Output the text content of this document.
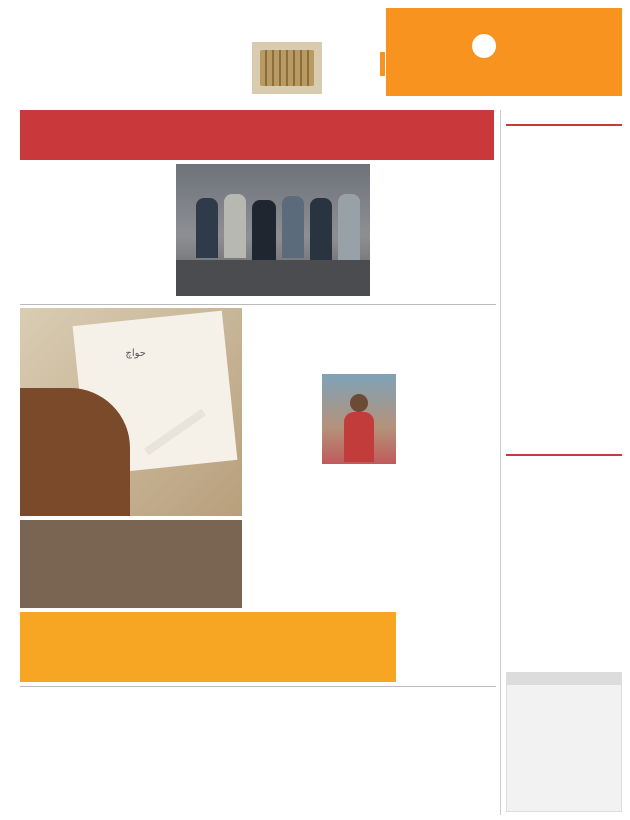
حواچ
